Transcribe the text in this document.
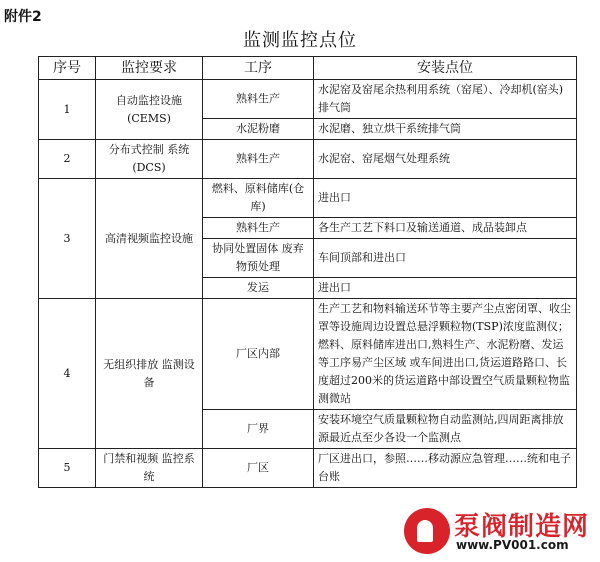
附件2
监测监控点位
序号	监控要求	工序	安装点位
1	自动监控设施(CEMS)	熟料生产	水泥窑及窑尾余热利用系统（窑尾）、冷却机(窑头)排气筒
		水泥粉磨	水泥磨、独立烘干系统排气筒
2	分布式控制 系统(DCS)	熟料生产	水泥窑、窑尾烟气处理系统
3	高清视频监控设施	燃料、原料储库(仓库)	进出口
		熟料生产	各生产工艺下料口及输送通道、成品装卸点
		协同处置固体 废弃物预处理	车间顶部和进出口
		发运	进出口
4	无组织排放 监测设备	厂区内部	生产工艺和物料输送环节等主要产尘点密闭罩、收尘罩等设施周边设置总悬浮颗粒物(TSP)浓度监测仪；燃料、原料储库进出口,熟料生产、水泥粉磨、发运等工序易产尘区域 或车间进出口,货运道路路口、长度超过200米的货运道路中部设置空气质量颗粒物监测微站
		厂界	安装环境空气质量颗粒物自动监测站,四周距离排放源最近点至少各设一个监测点
5	门禁和视频 监控系统	厂区	厂区进出口，参照……移动源应急管理……统和电子台账
泵阀制造网
www.PV001.com
